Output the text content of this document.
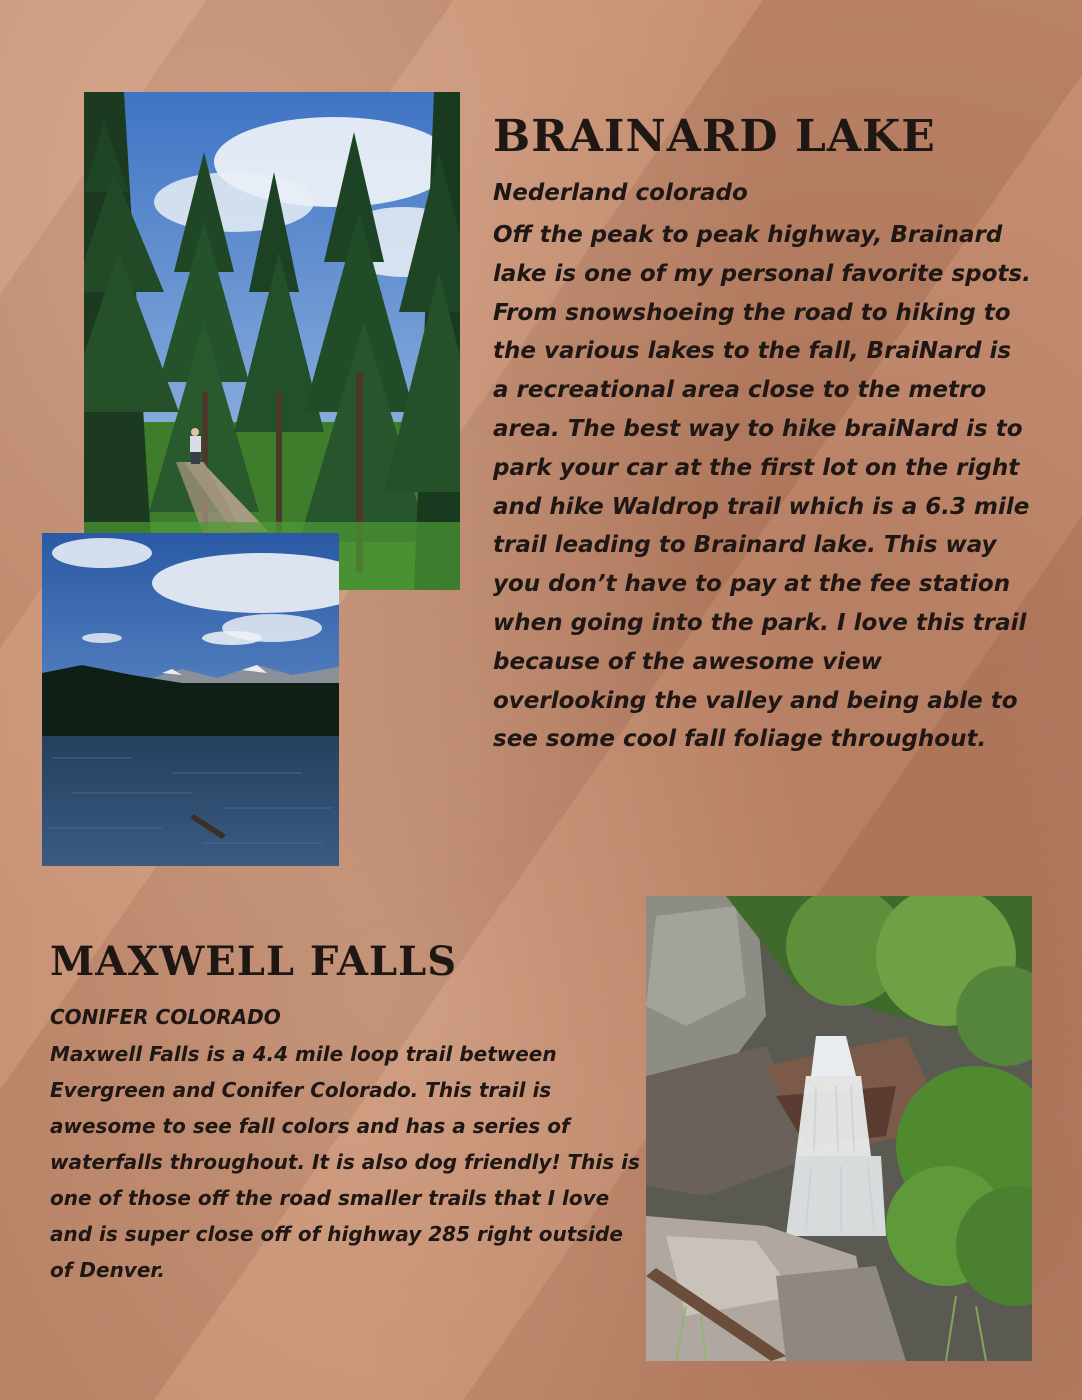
BRAINARD LAKE

Nederland colorado

Off the peak to peak highway, Brainard lake is one of my personal favorite spots. From snowshoeing the road to hiking to the various lakes to the fall, BraiNard is a recreational area close to the metro area. The best way to hike braiNard is to park your car at the first lot on the right and hike Waldrop trail which is a 6.3 mile trail leading to Brainard lake. This way you don’t have to pay at the fee station when going into the park. I love this trail because of the awesome view overlooking the valley and being able to see some cool fall foliage throughout.

MAXWELL FALLS

CONIFER COLORADO

Maxwell Falls is a 4.4 mile loop trail between Evergreen and Conifer Colorado. This trail is awesome to see fall colors and has a series of waterfalls throughout. It is also dog friendly! This is one of those off the road smaller trails that I love and is super close off of highway 285 right outside of Denver.
